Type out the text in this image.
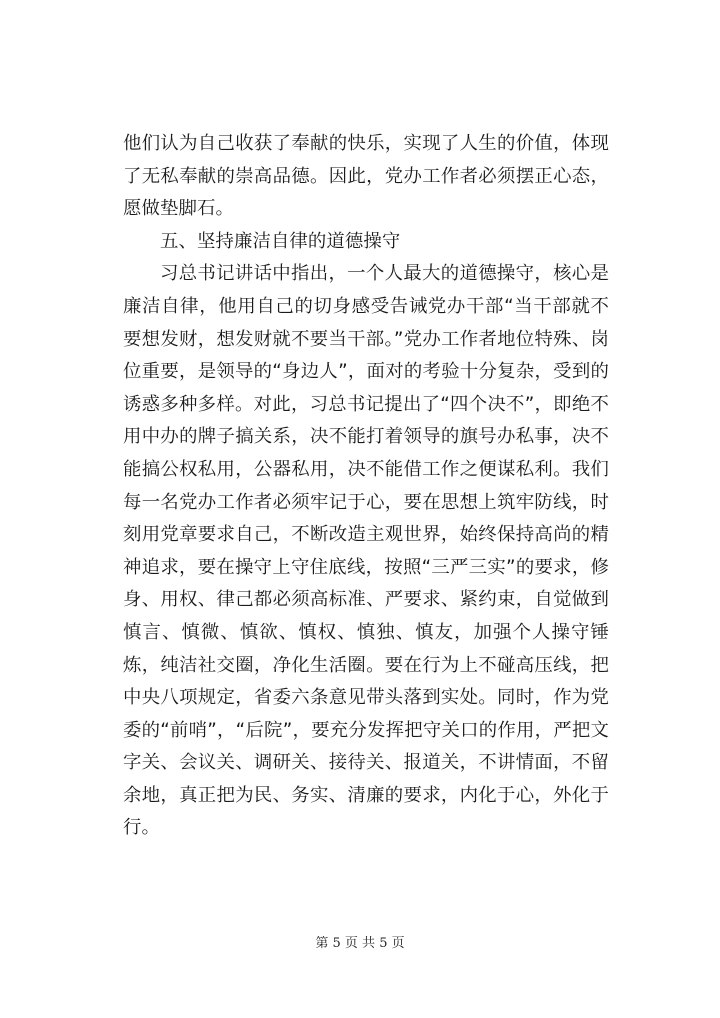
他们认为自己收获了奉献的快乐，实现了人生的价值，体现了无私奉献的崇高品德。因此，党办工作者必须摆正心态，愿做垫脚石。

五、坚持廉洁自律的道德操守

习总书记讲话中指出，一个人最大的道德操守，核心是廉洁自律，他用自己的切身感受告诫党办干部“当干部就不要想发财，想发财就不要当干部。”党办工作者地位特殊、岗位重要，是领导的“身边人”，面对的考验十分复杂，受到的诱惑多种多样。对此，习总书记提出了“四个决不”，即绝不用中办的牌子搞关系，决不能打着领导的旗号办私事，决不能搞公权私用，公器私用，决不能借工作之便谋私利。我们每一名党办工作者必须牢记于心，要在思想上筑牢防线，时刻用党章要求自己，不断改造主观世界，始终保持高尚的精神追求，要在操守上守住底线，按照“三严三实”的要求，修身、用权、律己都必须高标准、严要求、紧约束，自觉做到慎言、慎微、慎欲、慎权、慎独、慎友，加强个人操守锤炼，纯洁社交圈，净化生活圈。要在行为上不碰高压线，把中央八项规定，省委六条意见带头落到实处。同时，作为党委的“前哨”，“后院”，要充分发挥把守关口的作用，严把文字关、会议关、调研关、接待关、报道关，不讲情面，不留余地，真正把为民、务实、清廉的要求，内化于心，外化于行。

第 5 页 共 5 页
